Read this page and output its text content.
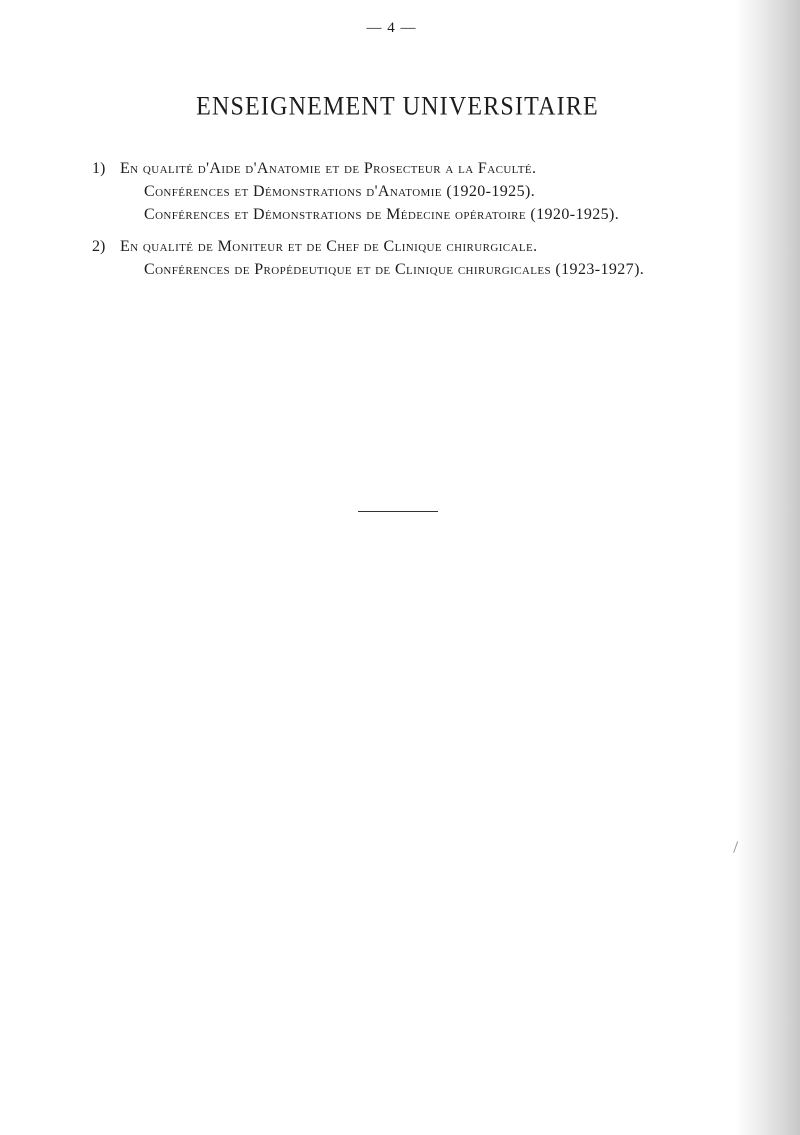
— 4 —
ENSEIGNEMENT UNIVERSITAIRE
1) En qualité d'Aide d'Anatomie et de Prosecteur a la Faculté.
Conférences et Démonstrations d'Anatomie (1920-1925).
Conférences et Démonstrations de Médecine opératoire (1920-1925).
2) En qualité de Moniteur et de Chef de Clinique chirurgicale.
Conférences de Propédeutique et de Clinique chirurgicales (1923-1927).
